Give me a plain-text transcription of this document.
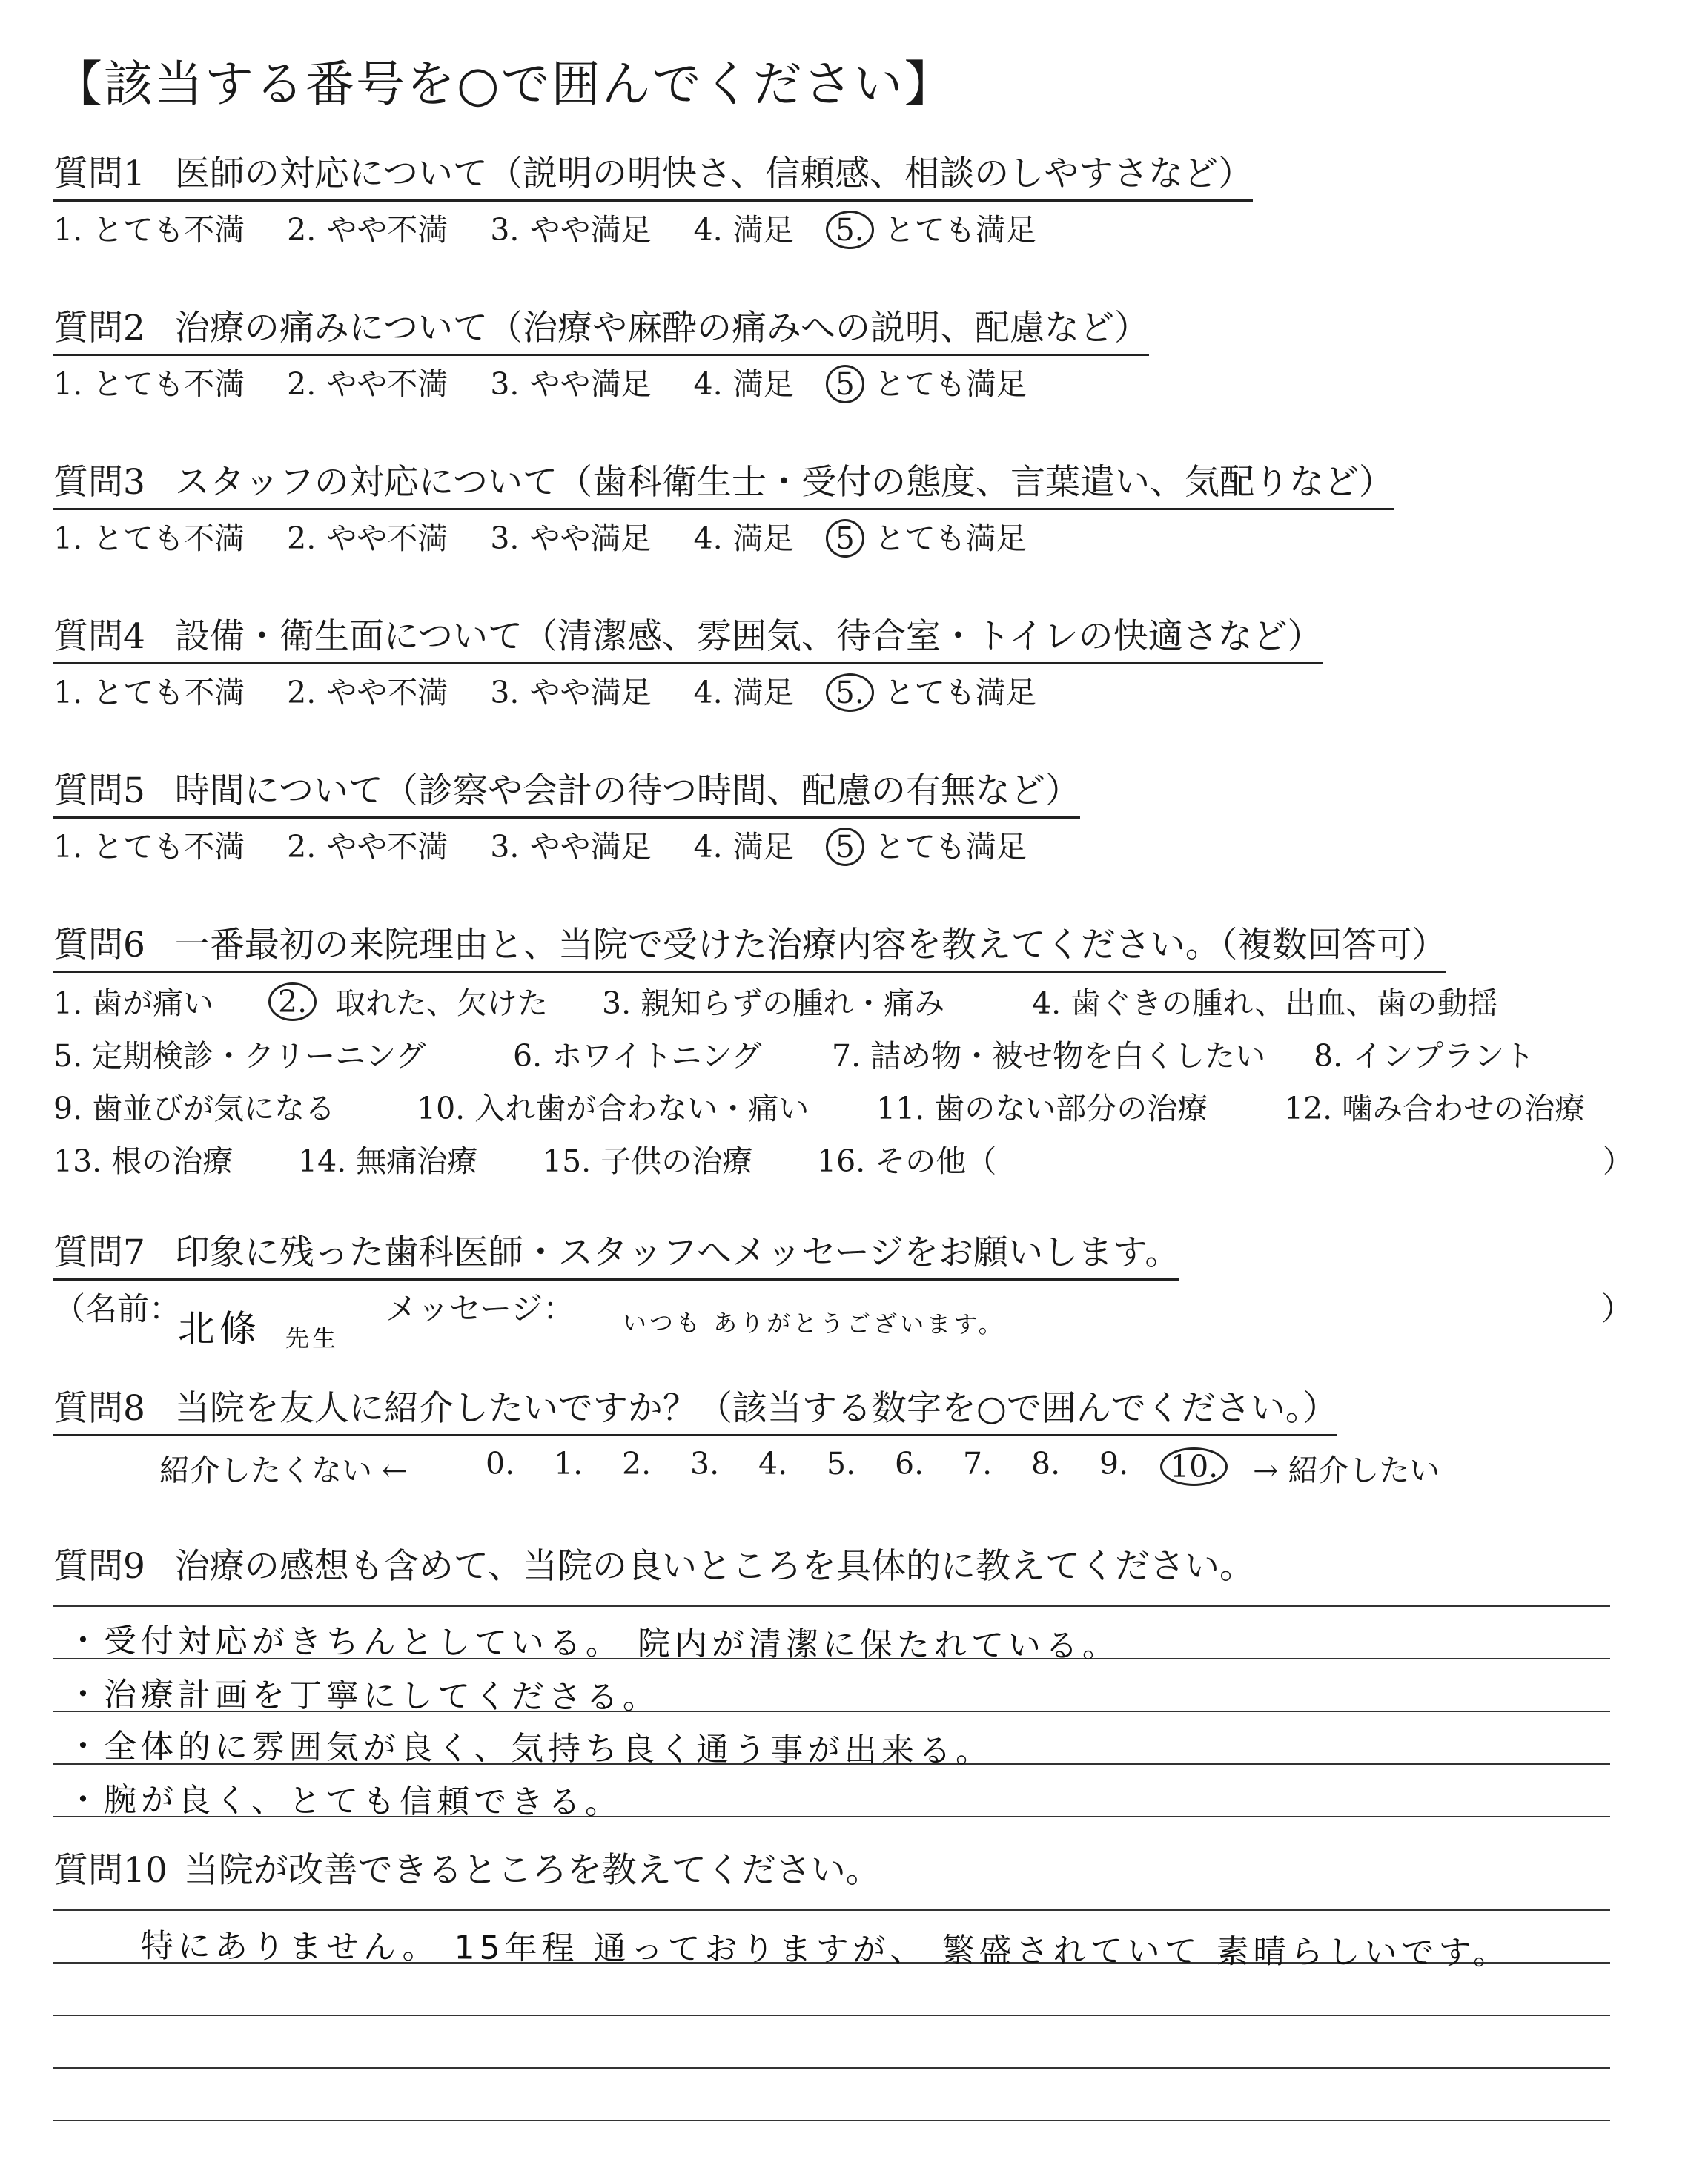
【該当する番号を○で囲んでください】
質問1 医師の対応について（説明の明快さ、信頼感、相談のしやすさなど）
1. とても不満 2. やや不満 3. やや満足 4. 満足 5. とても満足
質問2 治療の痛みについて（治療や麻酔の痛みへの説明、配慮など）
1. とても不満 2. やや不満 3. やや満足 4. 満足 5 とても満足
質問3 スタッフの対応について（歯科衛生士・受付の態度、言葉遣い、気配りなど）
1. とても不満 2. やや不満 3. やや満足 4. 満足 5 とても満足
質問4 設備・衛生面について（清潔感、雰囲気、待合室・トイレの快適さなど）
1. とても不満 2. やや不満 3. やや満足 4. 満足 5. とても満足
質問5 時間について（診察や会計の待つ時間、配慮の有無など）
1. とても不満 2. やや不満 3. やや満足 4. 満足 5 とても満足
質問6 一番最初の来院理由と、当院で受けた治療内容を教えてください。（複数回答可）
1. 歯が痛い	2. 取れた、欠けた 3. 親知らずの腫れ・痛み	4. 歯ぐきの腫れ、出血、歯の動揺
5. 定期検診・クリーニング	6. ホワイトニング 7. 詰め物・被せ物を白くしたい 8. インプラント
9. 歯並びが気になる	10. 入れ歯が合わない・痛い 11. 歯のない部分の治療	12. 噛み合わせの治療
13. 根の治療 14. 無痛治療 15. 子供の治療 16. その他（	）
質問7 印象に残った歯科医師・スタッフへメッセージをお願いします。
（名前：
北條 先生
メッセージ： いつも ありがとうございます。	）
質問8 当院を友人に紹介したいですか？（該当する数字を○で囲んでください。）
紹介したくない ←	0. 1. 2. 3. 4. 5. 6. 7. 8. 9.	10.	→ 紹介したい
質問9 治療の感想も含めて、当院の良いところを具体的に教えてください。
・受付対応がきちんとしている。 院内が清潔に保たれている。
・治療計画を丁寧にしてくださる。
・全体的に雰囲気が良く、気持ち良く通う事が出来る。
・腕が良く、とても信頼できる。
質問10 当院が改善できるところを教えてください。
特にありません。 15年程 通っておりますが、 繁盛されていて 素晴らしいです。
